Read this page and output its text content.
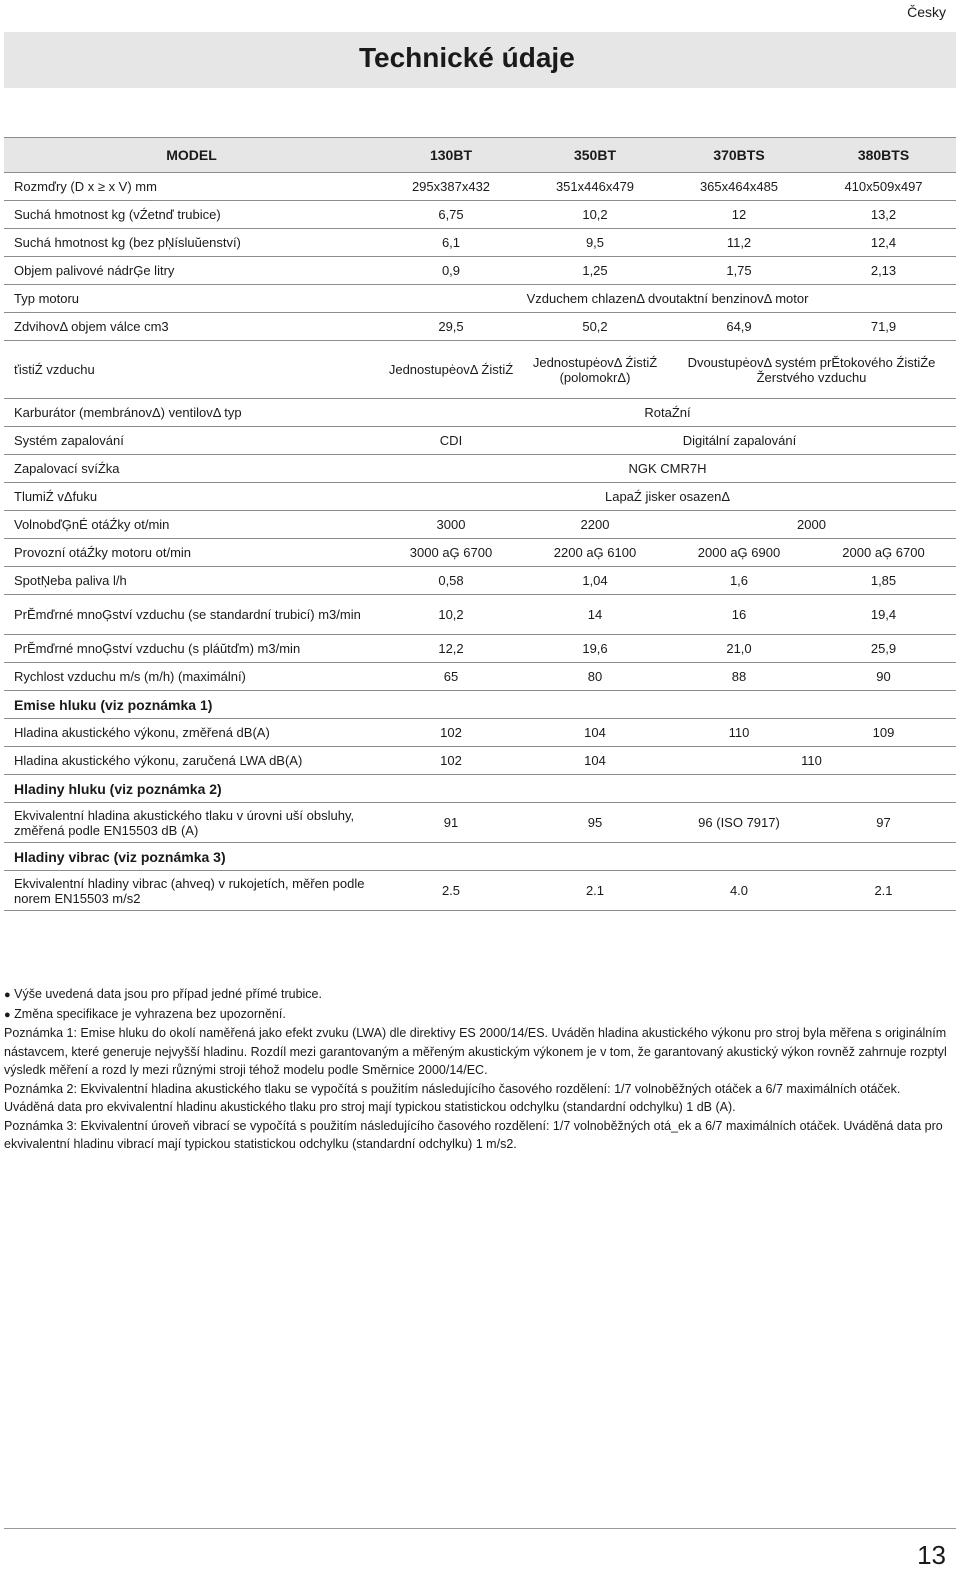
Česky
Technické údaje
MODEL	130BT	350BT	370BTS	380BTS
Rozmďry (D x ≥ x V) mm	295x387x432	351x446x479	365x464x485	410x509x497
Suchá hmotnost kg (vŹetnď trubice)	6,75	10,2	12	13,2
Suchá hmotnost kg (bez pŅísluŭenství)	6,1	9,5	11,2	12,4
Objem palivové nádrĢe litry	0,9	1,25	1,75	2,13
Typ motoru	Vzduchem chlazenΔ dvoutaktní benzinovΔ motor			
ZdvihovΔ objem válce cm3	29,5	50,2	64,9	71,9
ťistiŹ vzduchu	JednostupėovΔ ŹistiŹ	JednostupėovΔ ŹistiŹ (polomokrΔ)	DvoustupėovΔ systém prĔtokového ŹistiŹe Žerstvého vzduchu	
Karburátor (membránovΔ) ventilovΔ typ	RotaŹní			
Systém zapalování	CDI	Digitální zapalování		
Zapalovací svíŹka	NGK CMR7H			
TlumiŹ vΔfuku	LapaŹ jisker osazenΔ			
VolnobďĢnÉ otáŹky ot/min	3000	2200	2000	
Provozní otáŹky motoru ot/min	3000 aĢ 6700	2200 aĢ 6100	2000 aĢ 6900	2000 aĢ 6700
SpotŅeba paliva l/h	0,58	1,04	1,6	1,85
PrĔmďrné mnoĢství vzduchu (se standardní trubicí) m3/min	10,2	14	16	19,4
PrĔmďrné mnoĢství vzduchu (s pláŭtďm) m3/min	12,2	19,6	21,0	25,9
Rychlost vzduchu m/s (m/h) (maximální)	65	80	88	90
Emise hluku (viz poznámka 1)				
Hladina akustického výkonu, změřená dB(A)	102	104	110	109
Hladina akustického výkonu, zaručená LWA dB(A)	102	104	110	
Hladiny hluku (viz poznámka 2)				
Ekvivalentní hladina akustického tlaku v úrovni uší obsluhy, změřená podle EN15503 dB (A)	91	95	96 (ISO 7917)	97
Hladiny vibrac (viz poznámka 3)				
Ekvivalentní hladiny vibrac (ahveq) v rukojetích, měřen podle norem EN15503 m/s2	2.5	2.1	4.0	2.1

● Výše uvedená data jsou pro případ jedné přímé trubice.

● Změna specifikace je vyhrazena bez upozornění.

Poznámka 1: Emise hluku do okolí naměřená jako efekt zvuku (LWA) dle direktivy ES 2000/14/ES. Uváděn hladina akustického výkonu pro stroj byla měřena s originálním nástavcem, které generuje nejvyšší hladinu. Rozdíl mezi garantovaným a měřeným akustickým výkonem je v tom, že garantovaný akustický výkon rovněž zahrnuje rozptyl výsledk měření a rozd ly mezi různými stroji téhož modelu podle Směrnice 2000/14/EC.

Poznámka 2: Ekvivalentní hladina akustického tlaku se vypočítá s použitím následujícího časového rozdělení: 1/7 volnoběžných otáček a 6/7 maximálních otáček. Uváděná data pro ekvivalentní hladinu akustického tlaku pro stroj mají typickou statistickou odchylku (standardní odchylku) 1 dB (A).

Poznámka 3: Ekvivalentní úroveň vibrací se vypočítá s použitím následujícího časového rozdělení: 1/7 volnoběžných otá_ek a 6/7 maximálních otáček. Uváděná data pro ekvivalentní hladinu vibrací mají typickou statistickou odchylku (standardní odchylku) 1 m/s2.

13
